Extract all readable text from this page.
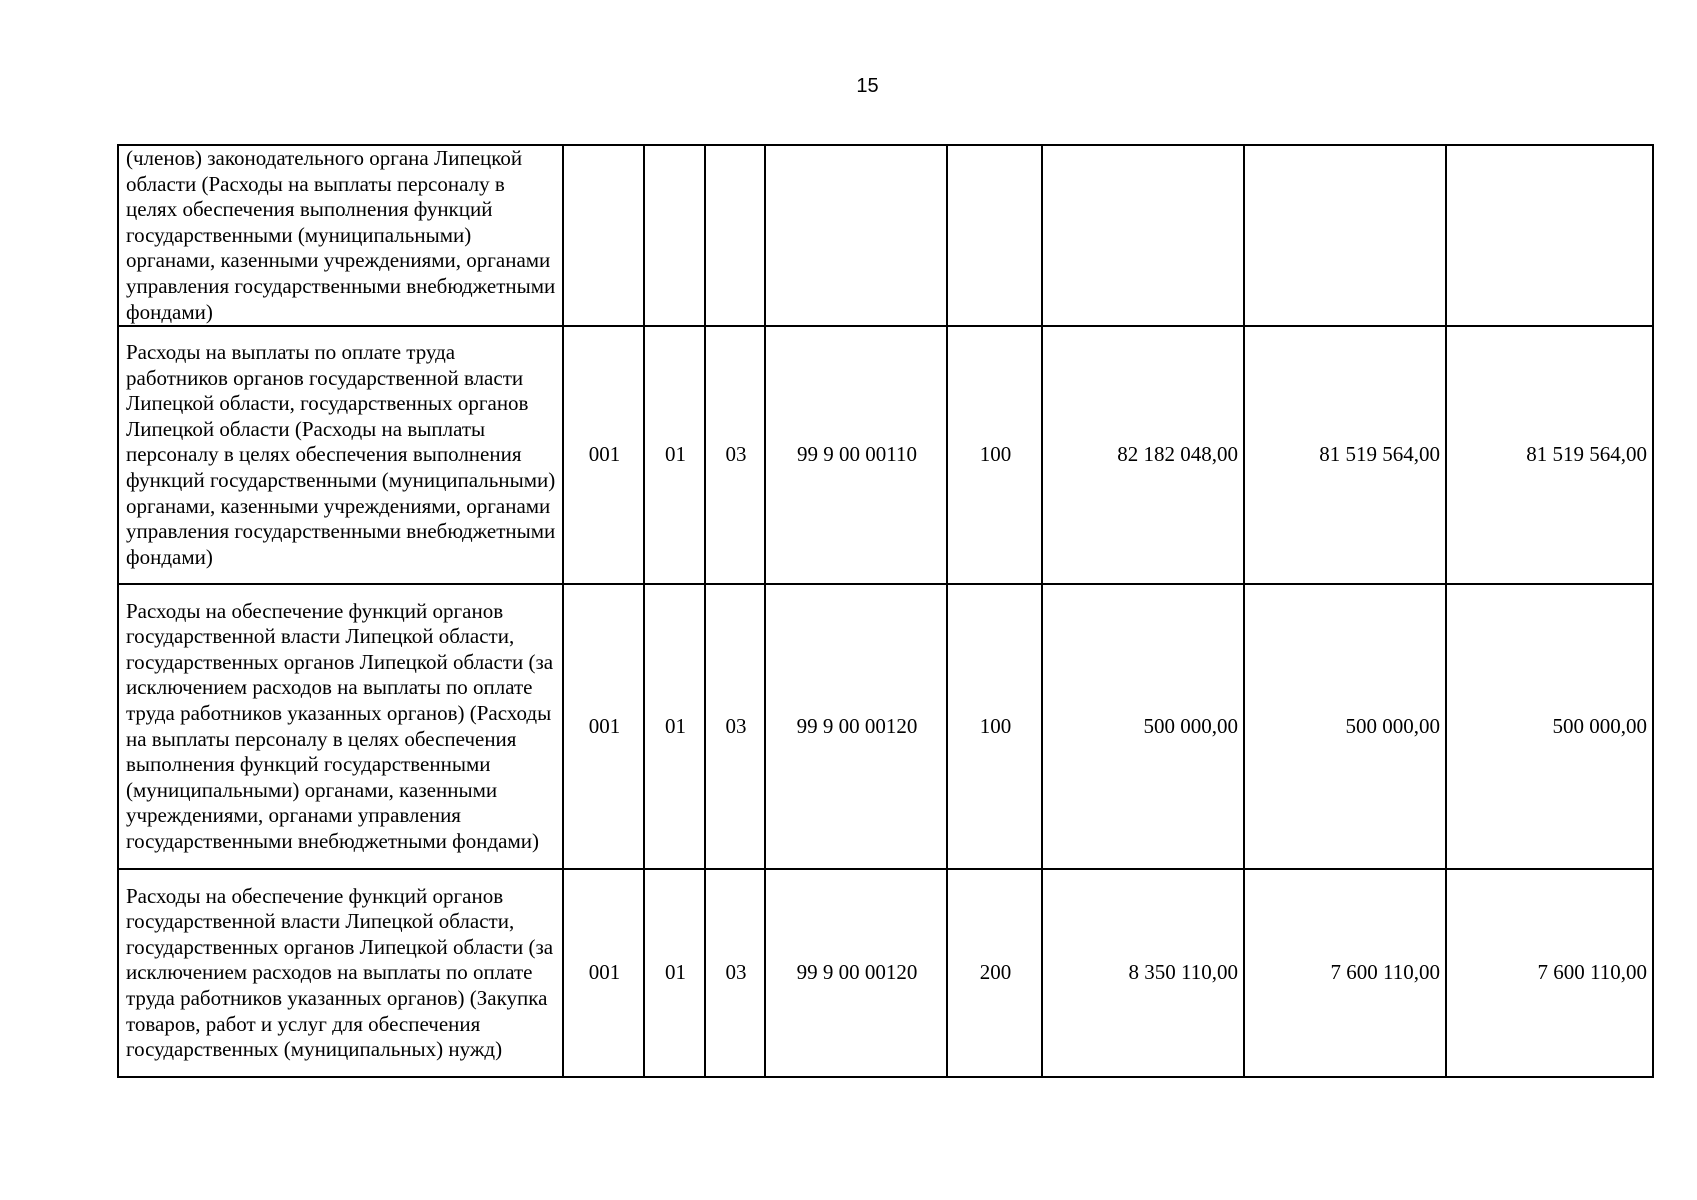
15
(членов) законодательного органа Липецкой области (Расходы на выплаты персоналу в целях обеспечения выполнения функций государственными (муниципальными) органами, казенными учреждениями, органами управления государственными внебюджетными фондами)								
Расходы на выплаты по оплате труда работников органов государственной власти Липецкой области, государственных органов Липецкой области (Расходы на выплаты персоналу в целях обеспечения выполнения функций государственными (муниципальными) органами, казенными учреждениями, органами управления государственными внебюджетными фондами)	001	01	03	99 9 00 00110	100	82 182 048,00	81 519 564,00	81 519 564,00
Расходы на обеспечение функций органов государственной власти Липецкой области, государственных органов Липецкой области (за исключением расходов на выплаты по оплате труда работников указанных органов) (Расходы на выплаты персоналу в целях обеспечения выполнения функций государственными (муниципальными) органами, казенными учреждениями, органами управления государственными внебюджетными фондами)	001	01	03	99 9 00 00120	100	500 000,00	500 000,00	500 000,00
Расходы на обеспечение функций органов государственной власти Липецкой области, государственных органов Липецкой области (за исключением расходов на выплаты по оплате труда работников указанных органов) (Закупка товаров, работ и услуг для обеспечения государственных (муниципальных) нужд)	001	01	03	99 9 00 00120	200	8 350 110,00	7 600 110,00	7 600 110,00
